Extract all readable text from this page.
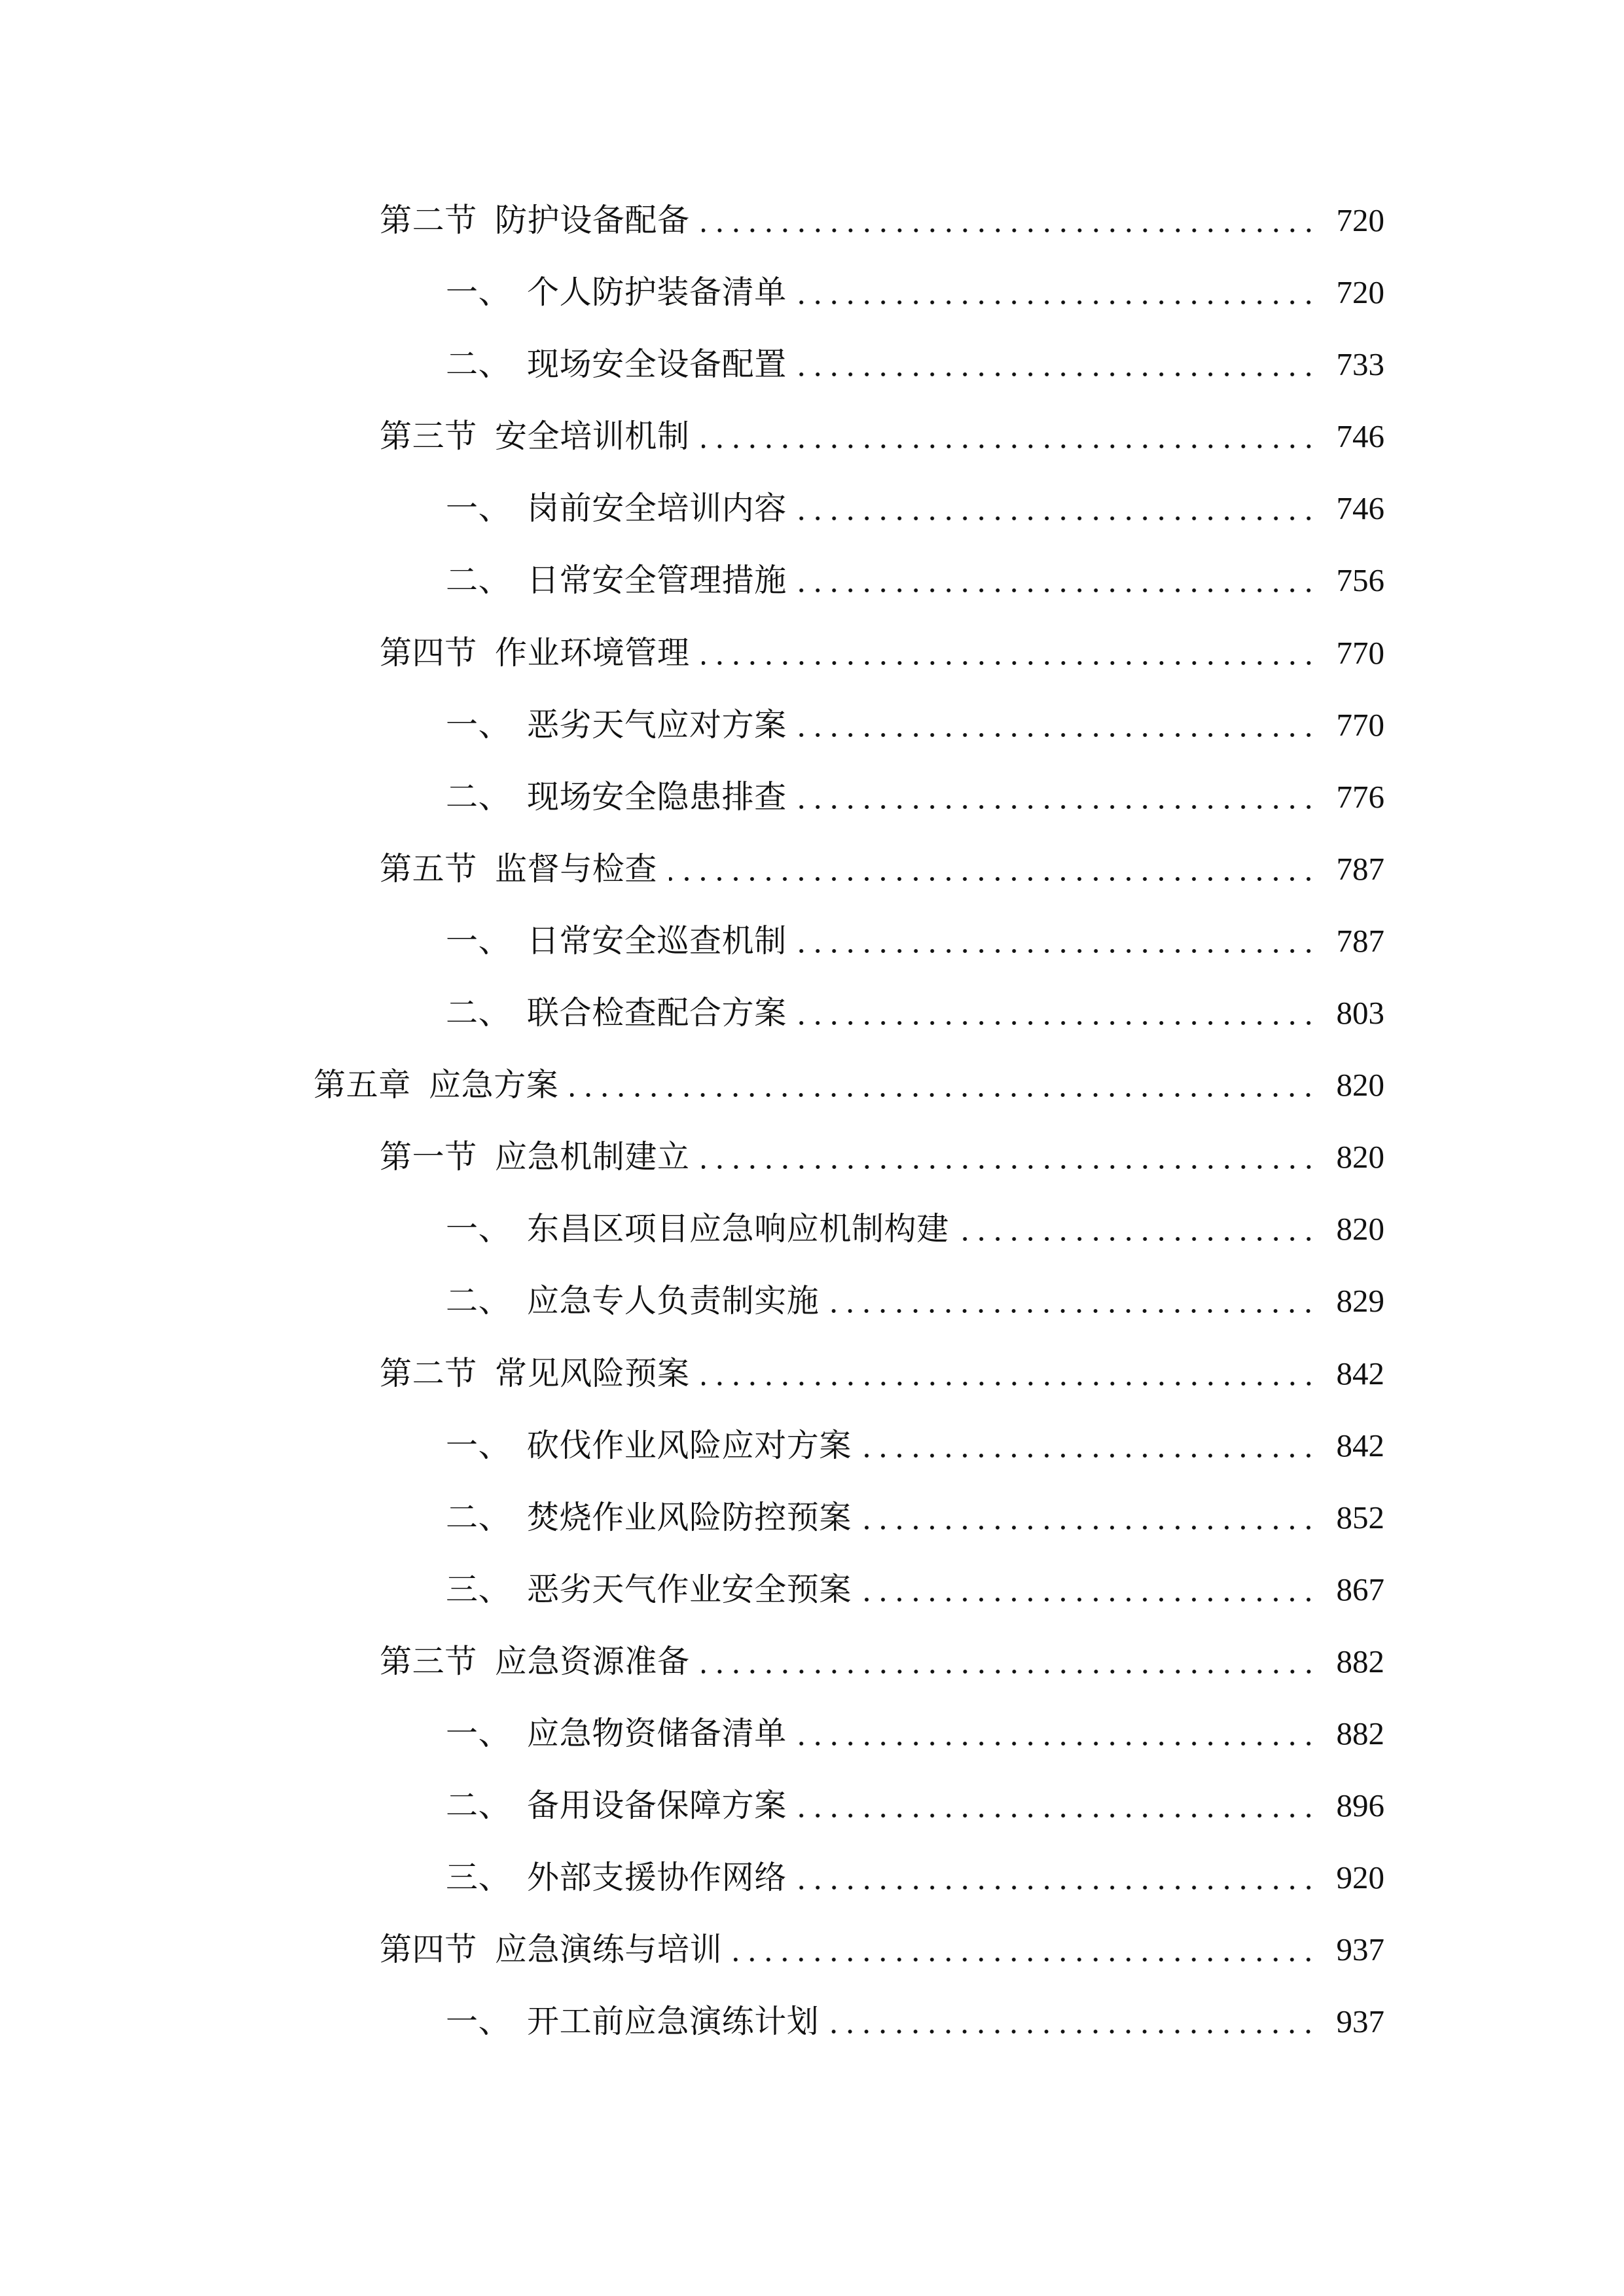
第二节 防护设备配备	720
一、 个人防护装备清单	720
二、 现场安全设备配置	733
第三节 安全培训机制	746
一、 岗前安全培训内容	746
二、 日常安全管理措施	756
第四节 作业环境管理	770
一、 恶劣天气应对方案	770
二、 现场安全隐患排查	776
第五节 监督与检查	787
一、 日常安全巡查机制	787
二、 联合检查配合方案	803
第五章 应急方案	820
第一节 应急机制建立	820
一、 东昌区项目应急响应机制构建	820
二、 应急专人负责制实施	829
第二节 常见风险预案	842
一、 砍伐作业风险应对方案	842
二、 焚烧作业风险防控预案	852
三、 恶劣天气作业安全预案	867
第三节 应急资源准备	882
一、 应急物资储备清单	882
二、 备用设备保障方案	896
三、 外部支援协作网络	920
第四节 应急演练与培训	937
一、 开工前应急演练计划	937
